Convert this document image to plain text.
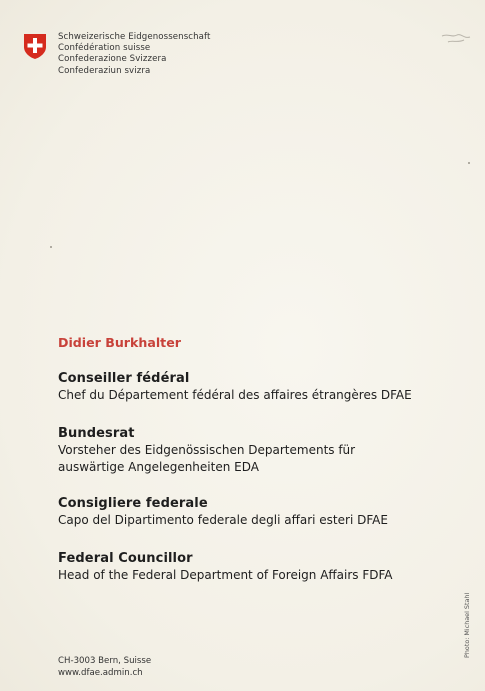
Schweizerische Eidgenossenschaft
Confédération suisse
Confederazione Svizzera
Confederaziun svizra
Didier Burkhalter
Conseiller fédéral
Chef du Département fédéral des affaires étrangères DFAE
Bundesrat
Vorsteher des Eidgenössischen Departements für
auswärtige Angelegenheiten EDA
Consigliere federale
Capo del Dipartimento federale degli affari esteri DFAE
Federal Councillor
Head of the Federal Department of Foreign Affairs FDFA
CH-3003 Bern, Suisse
www.dfae.admin.ch
Photo: Michael Stahl
